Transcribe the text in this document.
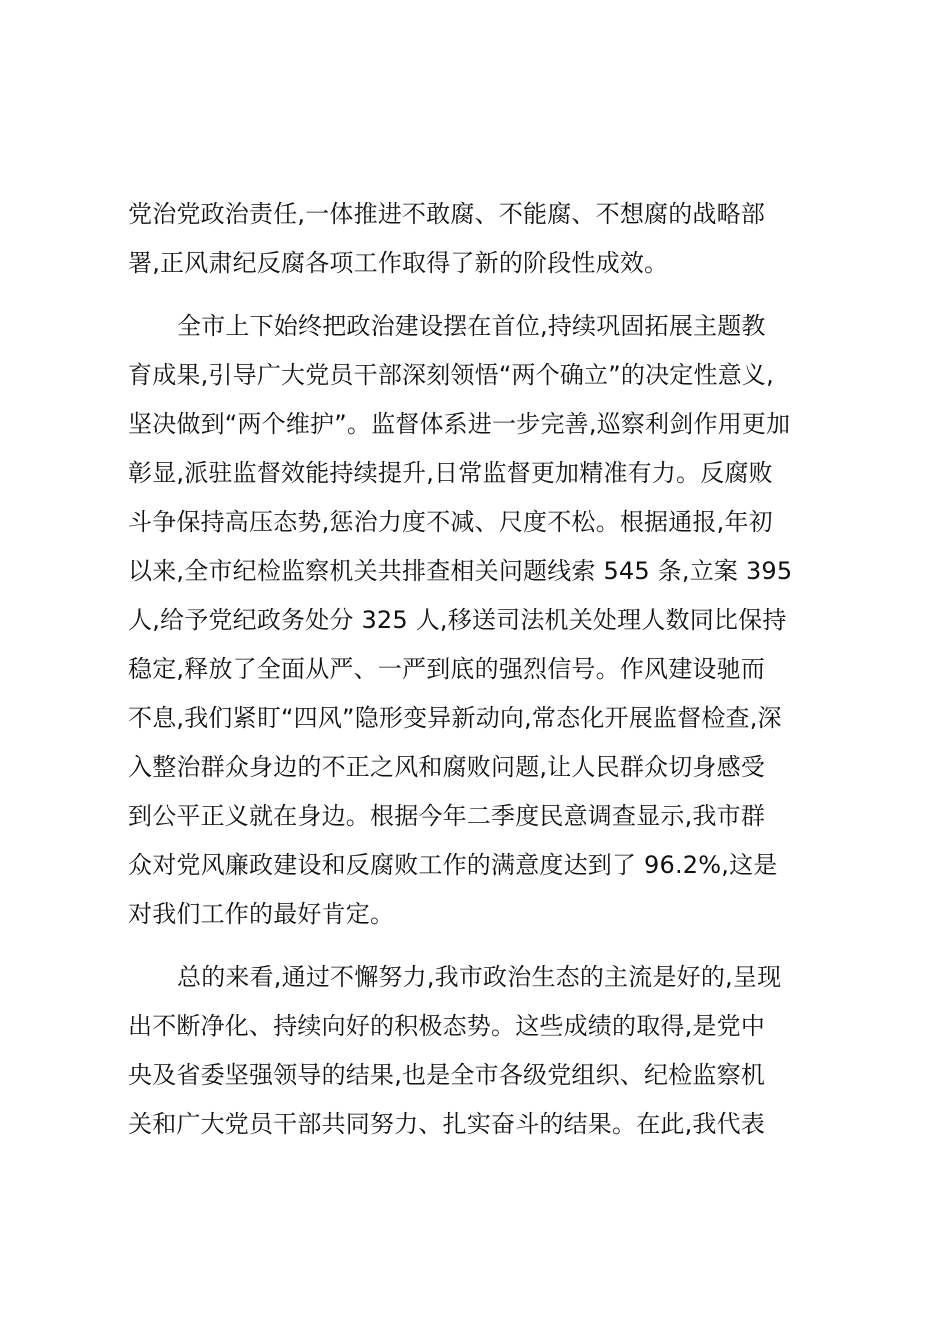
党治党政治责任,一体推进不敢腐、不能腐、不想腐的战略部
署,正风肃纪反腐各项工作取得了新的阶段性成效。

全市上下始终把政治建设摆在首位,持续巩固拓展主题教
育成果,引导广大党员干部深刻领悟“两个确立”的决定性意义,
坚决做到“两个维护”。监督体系进一步完善,巡察利剑作用更加
彰显,派驻监督效能持续提升,日常监督更加精准有力。反腐败
斗争保持高压态势,惩治力度不减、尺度不松。根据通报,年初
以来,全市纪检监察机关共排查相关问题线索 545 条,立案 395
人,给予党纪政务处分 325 人,移送司法机关处理人数同比保持
稳定,释放了全面从严、一严到底的强烈信号。作风建设驰而
不息,我们紧盯“四风”隐形变异新动向,常态化开展监督检查,深
入整治群众身边的不正之风和腐败问题,让人民群众切身感受
到公平正义就在身边。根据今年二季度民意调查显示,我市群
众对党风廉政建设和反腐败工作的满意度达到了 96.2%,这是
对我们工作的最好肯定。

总的来看,通过不懈努力,我市政治生态的主流是好的,呈现
出不断净化、持续向好的积极态势。这些成绩的取得,是党中
央及省委坚强领导的结果,也是全市各级党组织、纪检监察机
关和广大党员干部共同努力、扎实奋斗的结果。在此,我代表
